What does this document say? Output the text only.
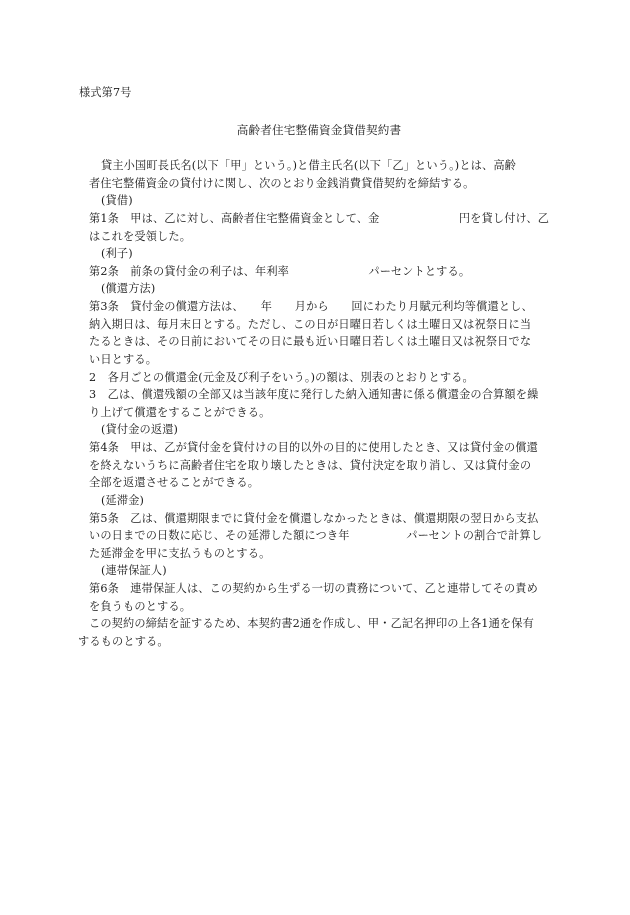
様式第7号
高齢者住宅整備資金貸借契約書
貸主小国町長氏名(以下「甲」という。)と借主氏名(以下「乙」という。)とは、高齢
者住宅整備資金の貸付けに関し、次のとおり金銭消費貸借契約を締結する。
(貸借)
第1条　甲は、乙に対し、高齢者住宅整備資金として、金　　　　　　　円を貸し付け、乙
はこれを受領した。
(利子)
第2条　前条の貸付金の利子は、年利率　　　　　　　パーセントとする。
(償還方法)
第3条　貸付金の償還方法は、　　年　　月から　　回にわたり月賦元利均等償還とし、
納入期日は、毎月末日とする。ただし、この日が日曜日若しくは土曜日又は祝祭日に当
たるときは、その日前においてその日に最も近い日曜日若しくは土曜日又は祝祭日でな
い日とする。
2　各月ごとの償還金(元金及び利子をいう。)の額は、別表のとおりとする。
3　乙は、償還残額の全部又は当該年度に発行した納入通知書に係る償還金の合算額を繰
り上げて償還をすることができる。
(貸付金の返還)
第4条　甲は、乙が貸付金を貸付けの目的以外の目的に使用したとき、又は貸付金の償還
を終えないうちに高齢者住宅を取り壊したときは、貸付決定を取り消し、又は貸付金の
全部を返還させることができる。
(延滞金)
第5条　乙は、償還期限までに貸付金を償還しなかったときは、償還期限の翌日から支払
いの日までの日数に応じ、その延滞した額につき年　　　　　パーセントの割合で計算し
た延滞金を甲に支払うものとする。
(連帯保証人)
第6条　連帯保証人は、この契約から生ずる一切の責務について、乙と連帯してその責め
を負うものとする。
この契約の締結を証するため、本契約書2通を作成し、甲・乙記名押印の上各1通を保有
するものとする。
